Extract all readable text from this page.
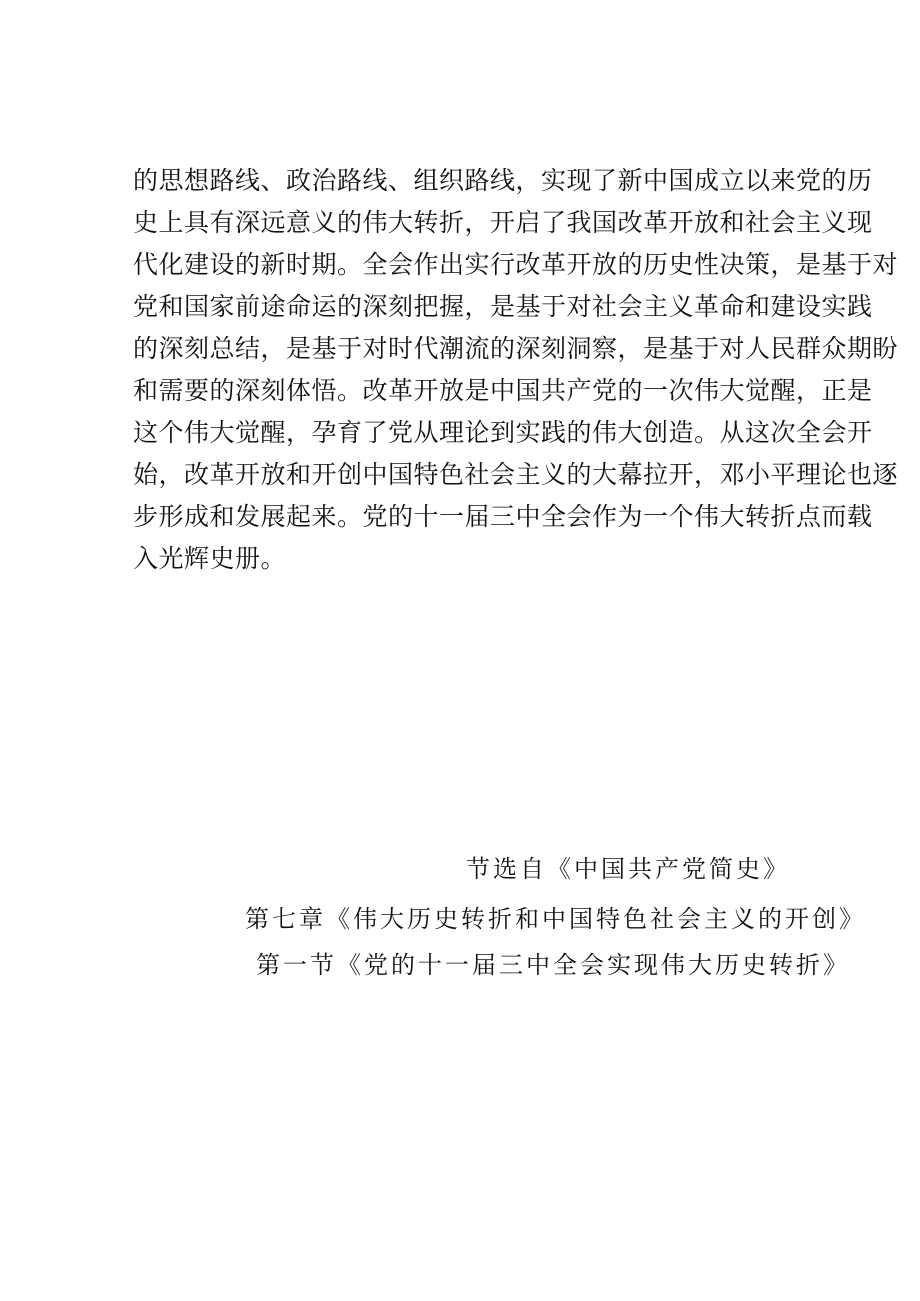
的思想路线、政治路线、组织路线，实现了新中国成立以来党的历
史上具有深远意义的伟大转折，开启了我国改革开放和社会主义现
代化建设的新时期。全会作出实行改革开放的历史性决策，是基于对
党和国家前途命运的深刻把握，是基于对社会主义革命和建设实践
的深刻总结，是基于对时代潮流的深刻洞察，是基于对人民群众期盼
和需要的深刻体悟。改革开放是中国共产党的一次伟大觉醒，正是
这个伟大觉醒，孕育了党从理论到实践的伟大创造。从这次全会开
始，改革开放和开创中国特色社会主义的大幕拉开，邓小平理论也逐
步形成和发展起来。党的十一届三中全会作为一个伟大转折点而载
入光辉史册。
节选自《中国共产党简史》
第七章《伟大历史转折和中国特色社会主义的开创》
第一节《党的十一届三中全会实现伟大历史转折》
